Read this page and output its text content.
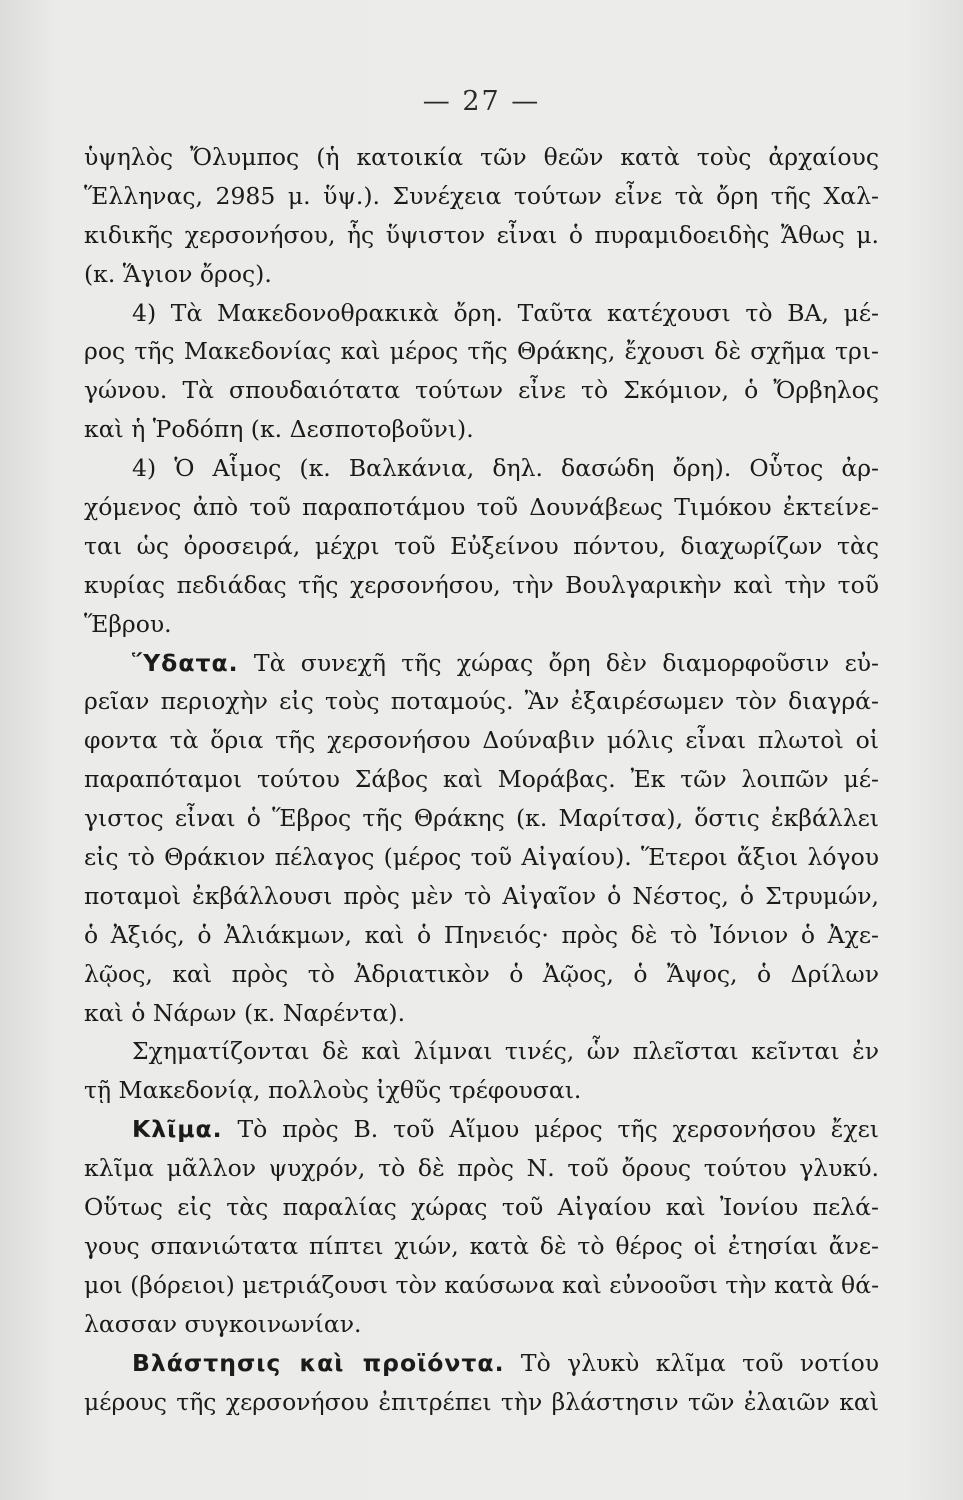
— 27 —
ὑψηλὸς Ὄλυμπος (ἡ κατοικία τῶν θεῶν κατὰ τοὺς ἀρχαίους
Ἕλληνας, 2985 μ. ὕψ.). Συνέχεια τούτων εἶνε τὰ ὄρη τῆς Χαλ-
κιδικῆς χερσονήσου, ἧς ὕψιστον εἶναι ὁ πυραμιδοειδὴς Ἄθως μ.
(κ. Ἅγιον ὄρος).
4) Τὰ Μακεδονοθρακικὰ ὄρη. Ταῦτα κατέχουσι τὸ ΒΑ, μέ-
ρος τῆς Μακεδονίας καὶ μέρος τῆς Θράκης, ἔχουσι δὲ σχῆμα τρι-
γώνου. Τὰ σπουδαιότατα τούτων εἶνε τὸ Σκόμιον, ὁ Ὄρβηλος
καὶ ἡ Ῥοδόπη (κ. Δεσποτοβοῦνι).
4) Ὁ Αἷμος (κ. Βαλκάνια, δηλ. δασώδη ὄρη). Οὗτος ἀρ-
χόμενος ἀπὸ τοῦ παραποτάμου τοῦ Δουνάβεως Τιμόκου ἐκτείνε-
ται ὡς ὀροσειρά, μέχρι τοῦ Εὐξείνου πόντου, διαχωρίζων τὰς
κυρίας πεδιάδας τῆς χερσονήσου, τὴν Βουλγαρικὴν καὶ τὴν τοῦ
Ἕβρου.
Ὕδατα. Τὰ συνεχῆ τῆς χώρας ὄρη δὲν διαμορφοῦσιν εὐ-
ρεῖαν περιοχὴν εἰς τοὺς ποταμούς. Ἂν ἐξαιρέσωμεν τὸν διαγρά-
φοντα τὰ ὅρια τῆς χερσονήσου Δούναβιν μόλις εἶναι πλωτοὶ οἱ
παραπόταμοι τούτου Σάβος καὶ Μοράβας. Ἐκ τῶν λοιπῶν μέ-
γιστος εἶναι ὁ Ἕβρος τῆς Θράκης (κ. Μαρίτσα), ὅστις ἐκβάλλει
εἰς τὸ Θράκιον πέλαγος (μέρος τοῦ Αἰγαίου). Ἕτεροι ἄξιοι λόγου
ποταμοὶ ἐκβάλλουσι πρὸς μὲν τὸ Αἰγαῖον ὁ Νέστος, ὁ Στρυμών,
ὁ Ἀξιός, ὁ Ἀλιάκμων, καὶ ὁ Πηνειός· πρὸς δὲ τὸ Ἰόνιον ὁ Ἀχε-
λῷος, καὶ πρὸς τὸ Ἀδριατικὸν ὁ Ἀῷος, ὁ Ἄψος, ὁ Δρίλων
καὶ ὁ Νάρων (κ. Ναρέντα).
Σχηματίζονται δὲ καὶ λίμναι τινές, ὧν πλεῖσται κεῖνται ἐν
τῇ Μακεδονίᾳ, πολλοὺς ἰχθῦς τρέφουσαι.
Κλῖμα. Τὸ πρὸς Β. τοῦ Αἵμου μέρος τῆς χερσονήσου ἔχει
κλῖμα μᾶλλον ψυχρόν, τὸ δὲ πρὸς Ν. τοῦ ὄρους τούτου γλυκύ.
Οὕτως εἰς τὰς παραλίας χώρας τοῦ Αἰγαίου καὶ Ἰονίου πελά-
γους σπανιώτατα πίπτει χιών, κατὰ δὲ τὸ θέρος οἱ ἐτησίαι ἄνε-
μοι (βόρειοι) μετριάζουσι τὸν καύσωνα καὶ εὐνοοῦσι τὴν κατὰ θά-
λασσαν συγκοινωνίαν.
Βλάστησις καὶ προϊόντα. Τὸ γλυκὺ κλῖμα τοῦ νοτίου
μέρους τῆς χερσονήσου ἐπιτρέπει τὴν βλάστησιν τῶν ἐλαιῶν καὶ
